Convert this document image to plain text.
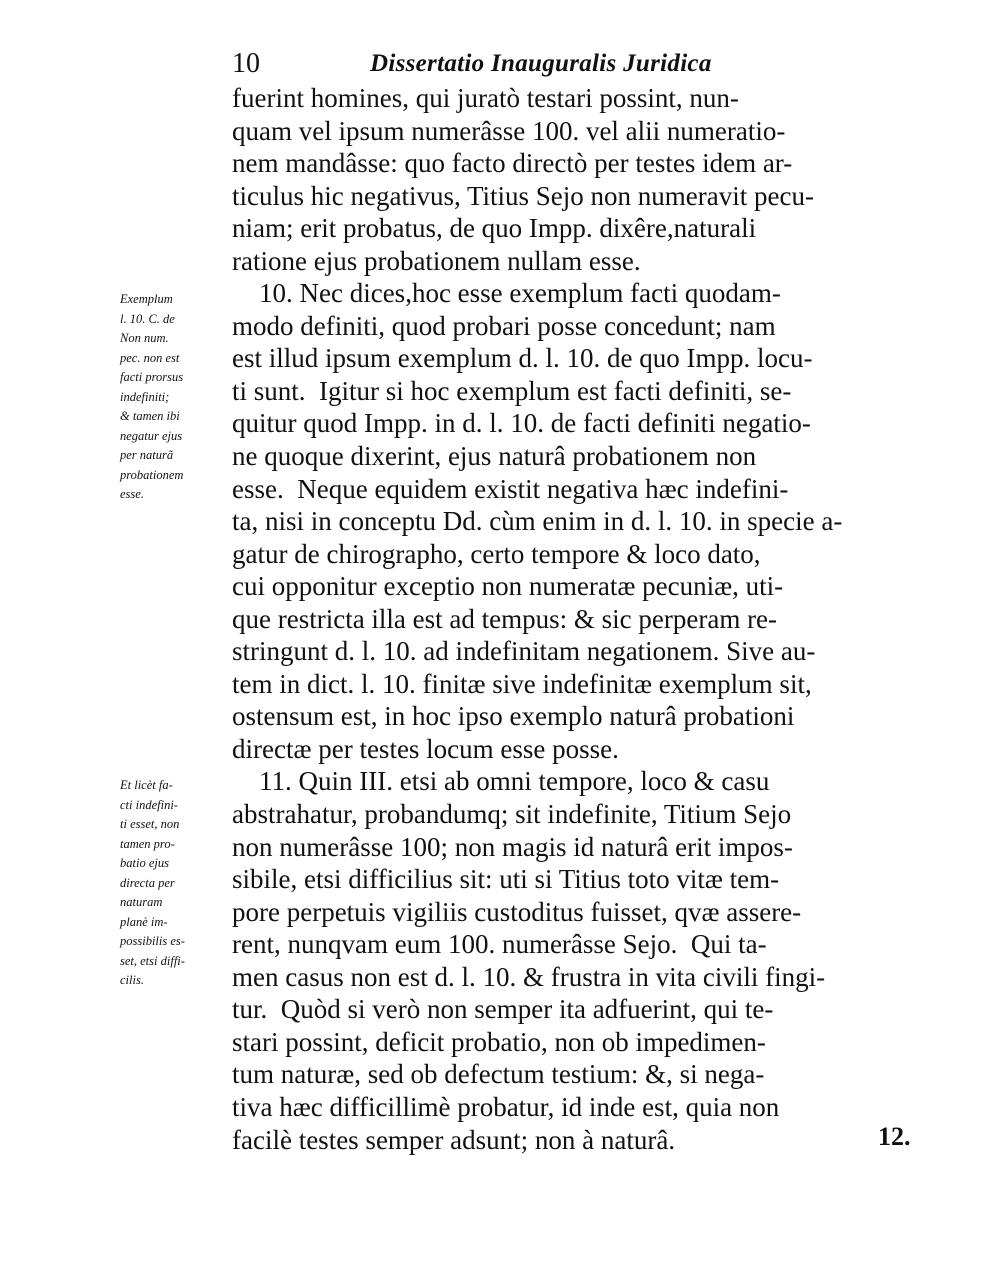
10	Dissertatio Inauguralis Juridica
fuerint homines, qui juratò testari possint, nun-
quam vel ipsum numerâsse 100. vel alii numeratio-
nem mandâsse: quo facto directò per testes idem ar-
ticulus hic negativus, Titius Sejo non numeravit pecu-
niam; erit probatus, de quo Impp. dixêre,naturali
ratione ejus probationem nullam esse.
10. Nec dices,hoc esse exemplum facti quodam-
modo definiti, quod probari posse concedunt; nam
est illud ipsum exemplum d. l. 10. de quo Impp. locu-
ti sunt.  Igitur si hoc exemplum est facti definiti, se-
quitur quod Impp. in d. l. 10. de facti definiti negatio-
ne quoque dixerint, ejus naturâ probationem non
esse.  Neque equidem existit negativa hæc indefini-
ta, nisi in conceptu Dd. cùm enim in d. l. 10. in specie a-
gatur de chirographo, certo tempore & loco dato,
cui opponitur exceptio non numeratæ pecuniæ, uti-
que restricta illa est ad tempus: & sic perperam re-
stringunt d. l. 10. ad indefinitam negationem. Sive au-
tem in dict. l. 10. finitæ sive indefinitæ exemplum sit,
ostensum est, in hoc ipso exemplo naturâ probationi
directæ per testes locum esse posse.
11. Quin III. etsi ab omni tempore, loco & casu
abstrahatur, probandumq; sit indefinite, Titium Sejo
non numerâsse 100; non magis id naturâ erit impos-
sibile, etsi difficilius sit: uti si Titius toto vitæ tem-
pore perpetuis vigiliis custoditus fuisset, qvæ assere-
rent, nunqvam eum 100. numerâsse Sejo.  Qui ta-
men casus non est d. l. 10. & frustra in vita civili fingi-
tur.  Quòd si verò non semper ita adfuerint, qui te-
stari possint, deficit probatio, non ob impedimen-
tum naturæ, sed ob defectum testium: &, si nega-
tiva hæc difficillimè probatur, id inde est, quia non
facilè testes semper adsunt; non à naturâ.
Exemplum
l. 10. C. de
Non num.
pec. non est
facti prorsus
indefiniti;
& tamen ibi
negatur ejus
per naturã
probationem
esse.
Et licèt fa-
cti indefini-
ti esset, non
tamen pro-
batio ejus
directa per
naturam
planè im-
possibilis es-
set, etsi diffi-
cilis.
12.
